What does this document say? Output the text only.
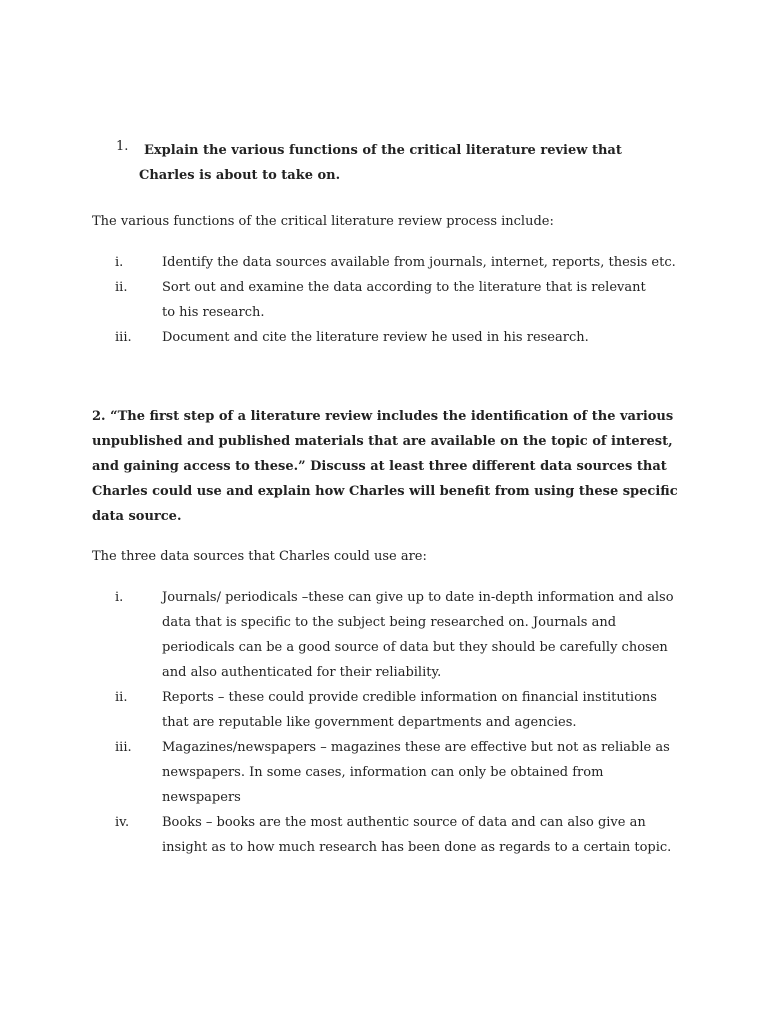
1.	Explain the various functions of the critical literature review that Charles is about to take on.
The various functions of the critical literature review process include:
i.	Identify the data sources available from journals, internet, reports, thesis etc.
ii.	Sort out and examine the data according to the literature that is relevant to his research.
iii. Document and cite the literature review he used in his research.
2. “The first step of a literature review includes the identification of the various unpublished and published materials that are available on the topic of interest, and gaining access to these.” Discuss at least three different data sources that Charles could use and explain how Charles will benefit from using these specific data source.
The three data sources that Charles could use are:
i.	Journals/ periodicals –these can give up to date in-depth information and also data that is specific to the subject being researched on. Journals and periodicals can be a good source of data but they should be carefully chosen and also authenticated for their reliability.
ii.	Reports – these could provide credible information on financial institutions that are reputable like government departments and agencies.
iii. Magazines/newspapers – magazines these are effective but not as reliable as newspapers. In some cases, information can only be obtained from newspapers
iv.	Books – books are the most authentic source of data and can also give an insight as to how much research has been done as regards to a certain topic.
